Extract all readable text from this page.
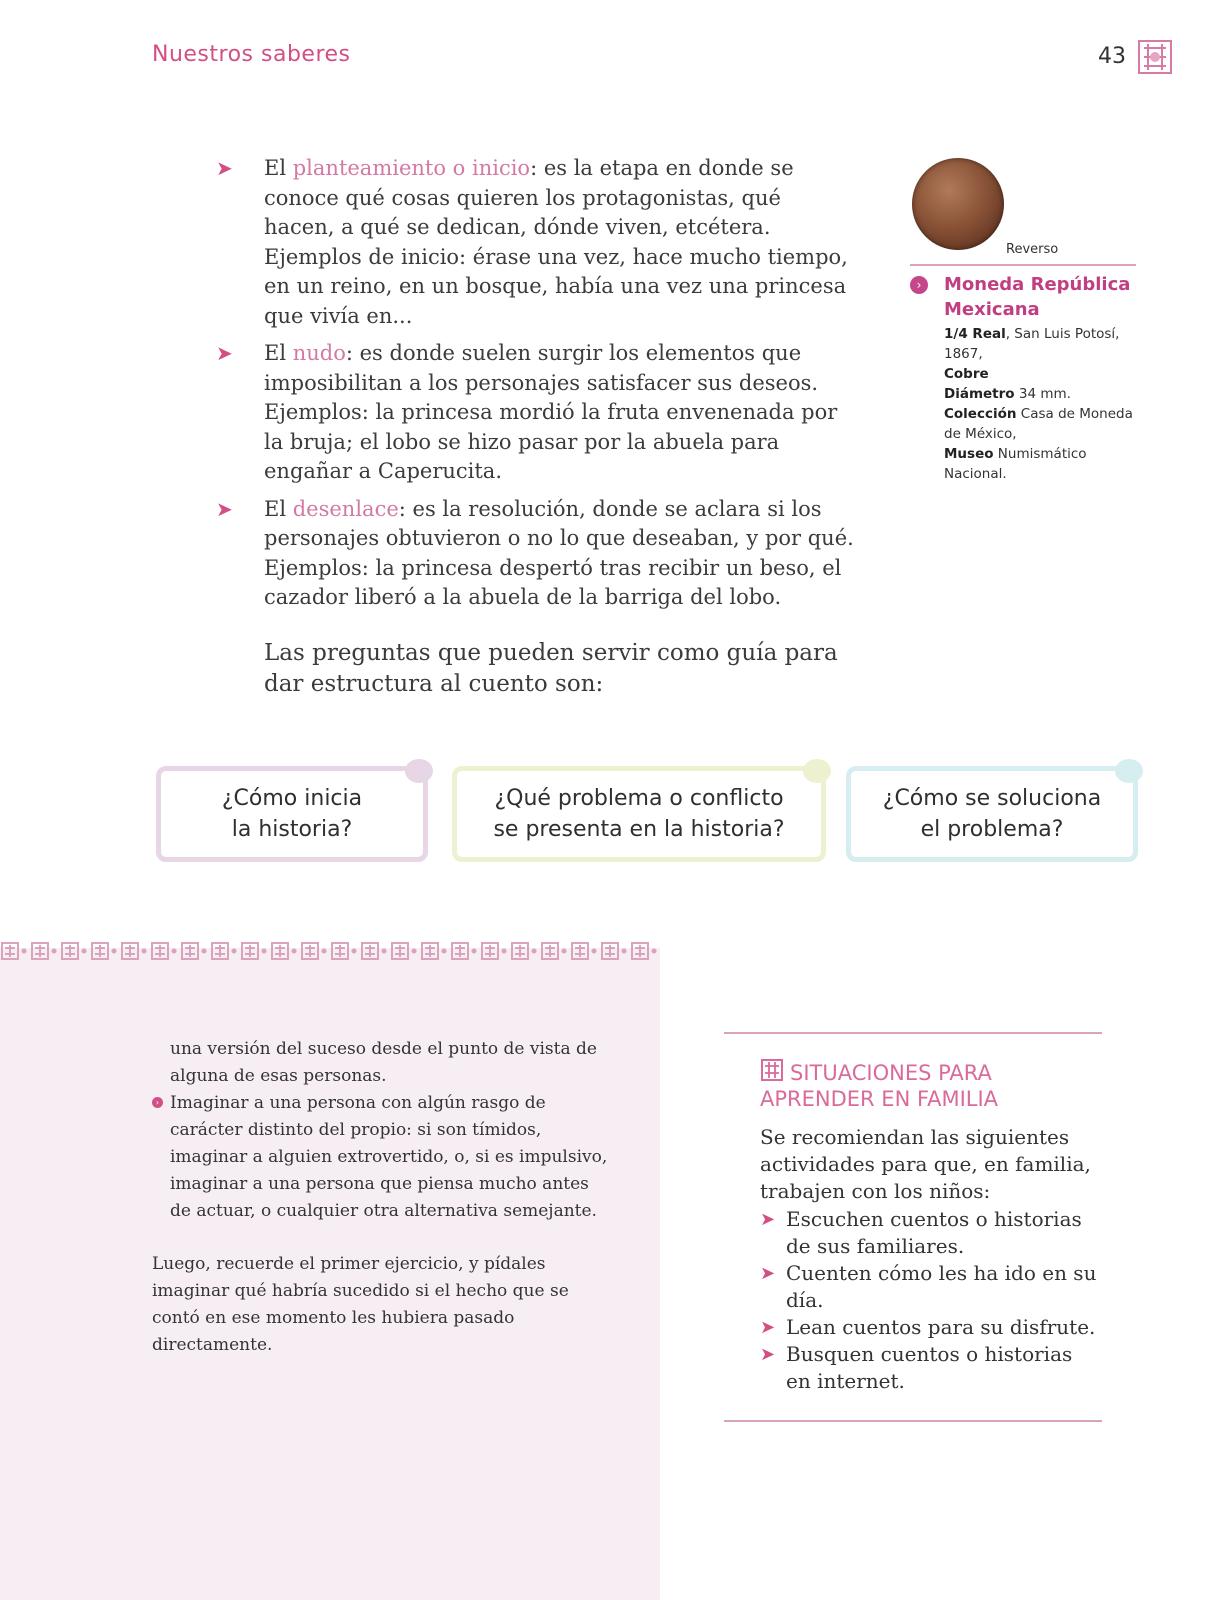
Nuestros saberes	43
➤ El planteamiento o inicio: es la etapa en donde se conoce qué cosas quieren los protagonistas, qué hacen, a qué se dedican, dónde viven, etcétera.
Ejemplos de inicio: érase una vez, hace mucho tiempo, en un reino, en un bosque, había una vez una princesa que vivía en...
➤ El nudo: es donde suelen surgir los elementos que imposibilitan a los personajes satisfacer sus deseos.
Ejemplos: la princesa mordió la fruta envenenada por la bruja; el lobo se hizo pasar por la abuela para engañar a Caperucita.
➤ El desenlace: es la resolución, donde se aclara si los personajes obtuvieron o no lo que deseaban, y por qué.
Ejemplos: la princesa despertó tras recibir un beso, el cazador liberó a la abuela de la barriga del lobo.
Las preguntas que pueden servir como guía para dar estructura al cuento son:
Reverso
›	Moneda República Mexicana
1/4 Real, San Luis Potosí, 1867,
Cobre
Diámetro 34 mm.
Colección Casa de Moneda de México,
Museo Numismático Nacional.
¿Cómo inicia
la historia?
¿Qué problema o conflicto
se presenta en la historia?
¿Cómo se soluciona
el problema?

una versión del suceso desde el punto de vista de alguna de esas personas.

› Imaginar a una persona con algún rasgo de carácter distinto del propio: si son tímidos, imaginar a alguien extrovertido, o, si es impulsivo, imaginar a una persona que piensa mucho antes de actuar, o cualquier otra alternativa semejante.

Luego, recuerde el primer ejercicio, y pídales imaginar qué habría sucedido si el hecho que se contó en ese momento les hubiera pasado directamente.

SITUACIONES PARA APRENDER EN FAMILIA
Se recomiendan las siguientes actividades para que, en familia, trabajen con los niños:
➤ Escuchen cuentos o historias de sus familiares.
➤ Cuenten cómo les ha ido en su día.
➤ Lean cuentos para su disfrute.
➤ Busquen cuentos o historias en internet.
